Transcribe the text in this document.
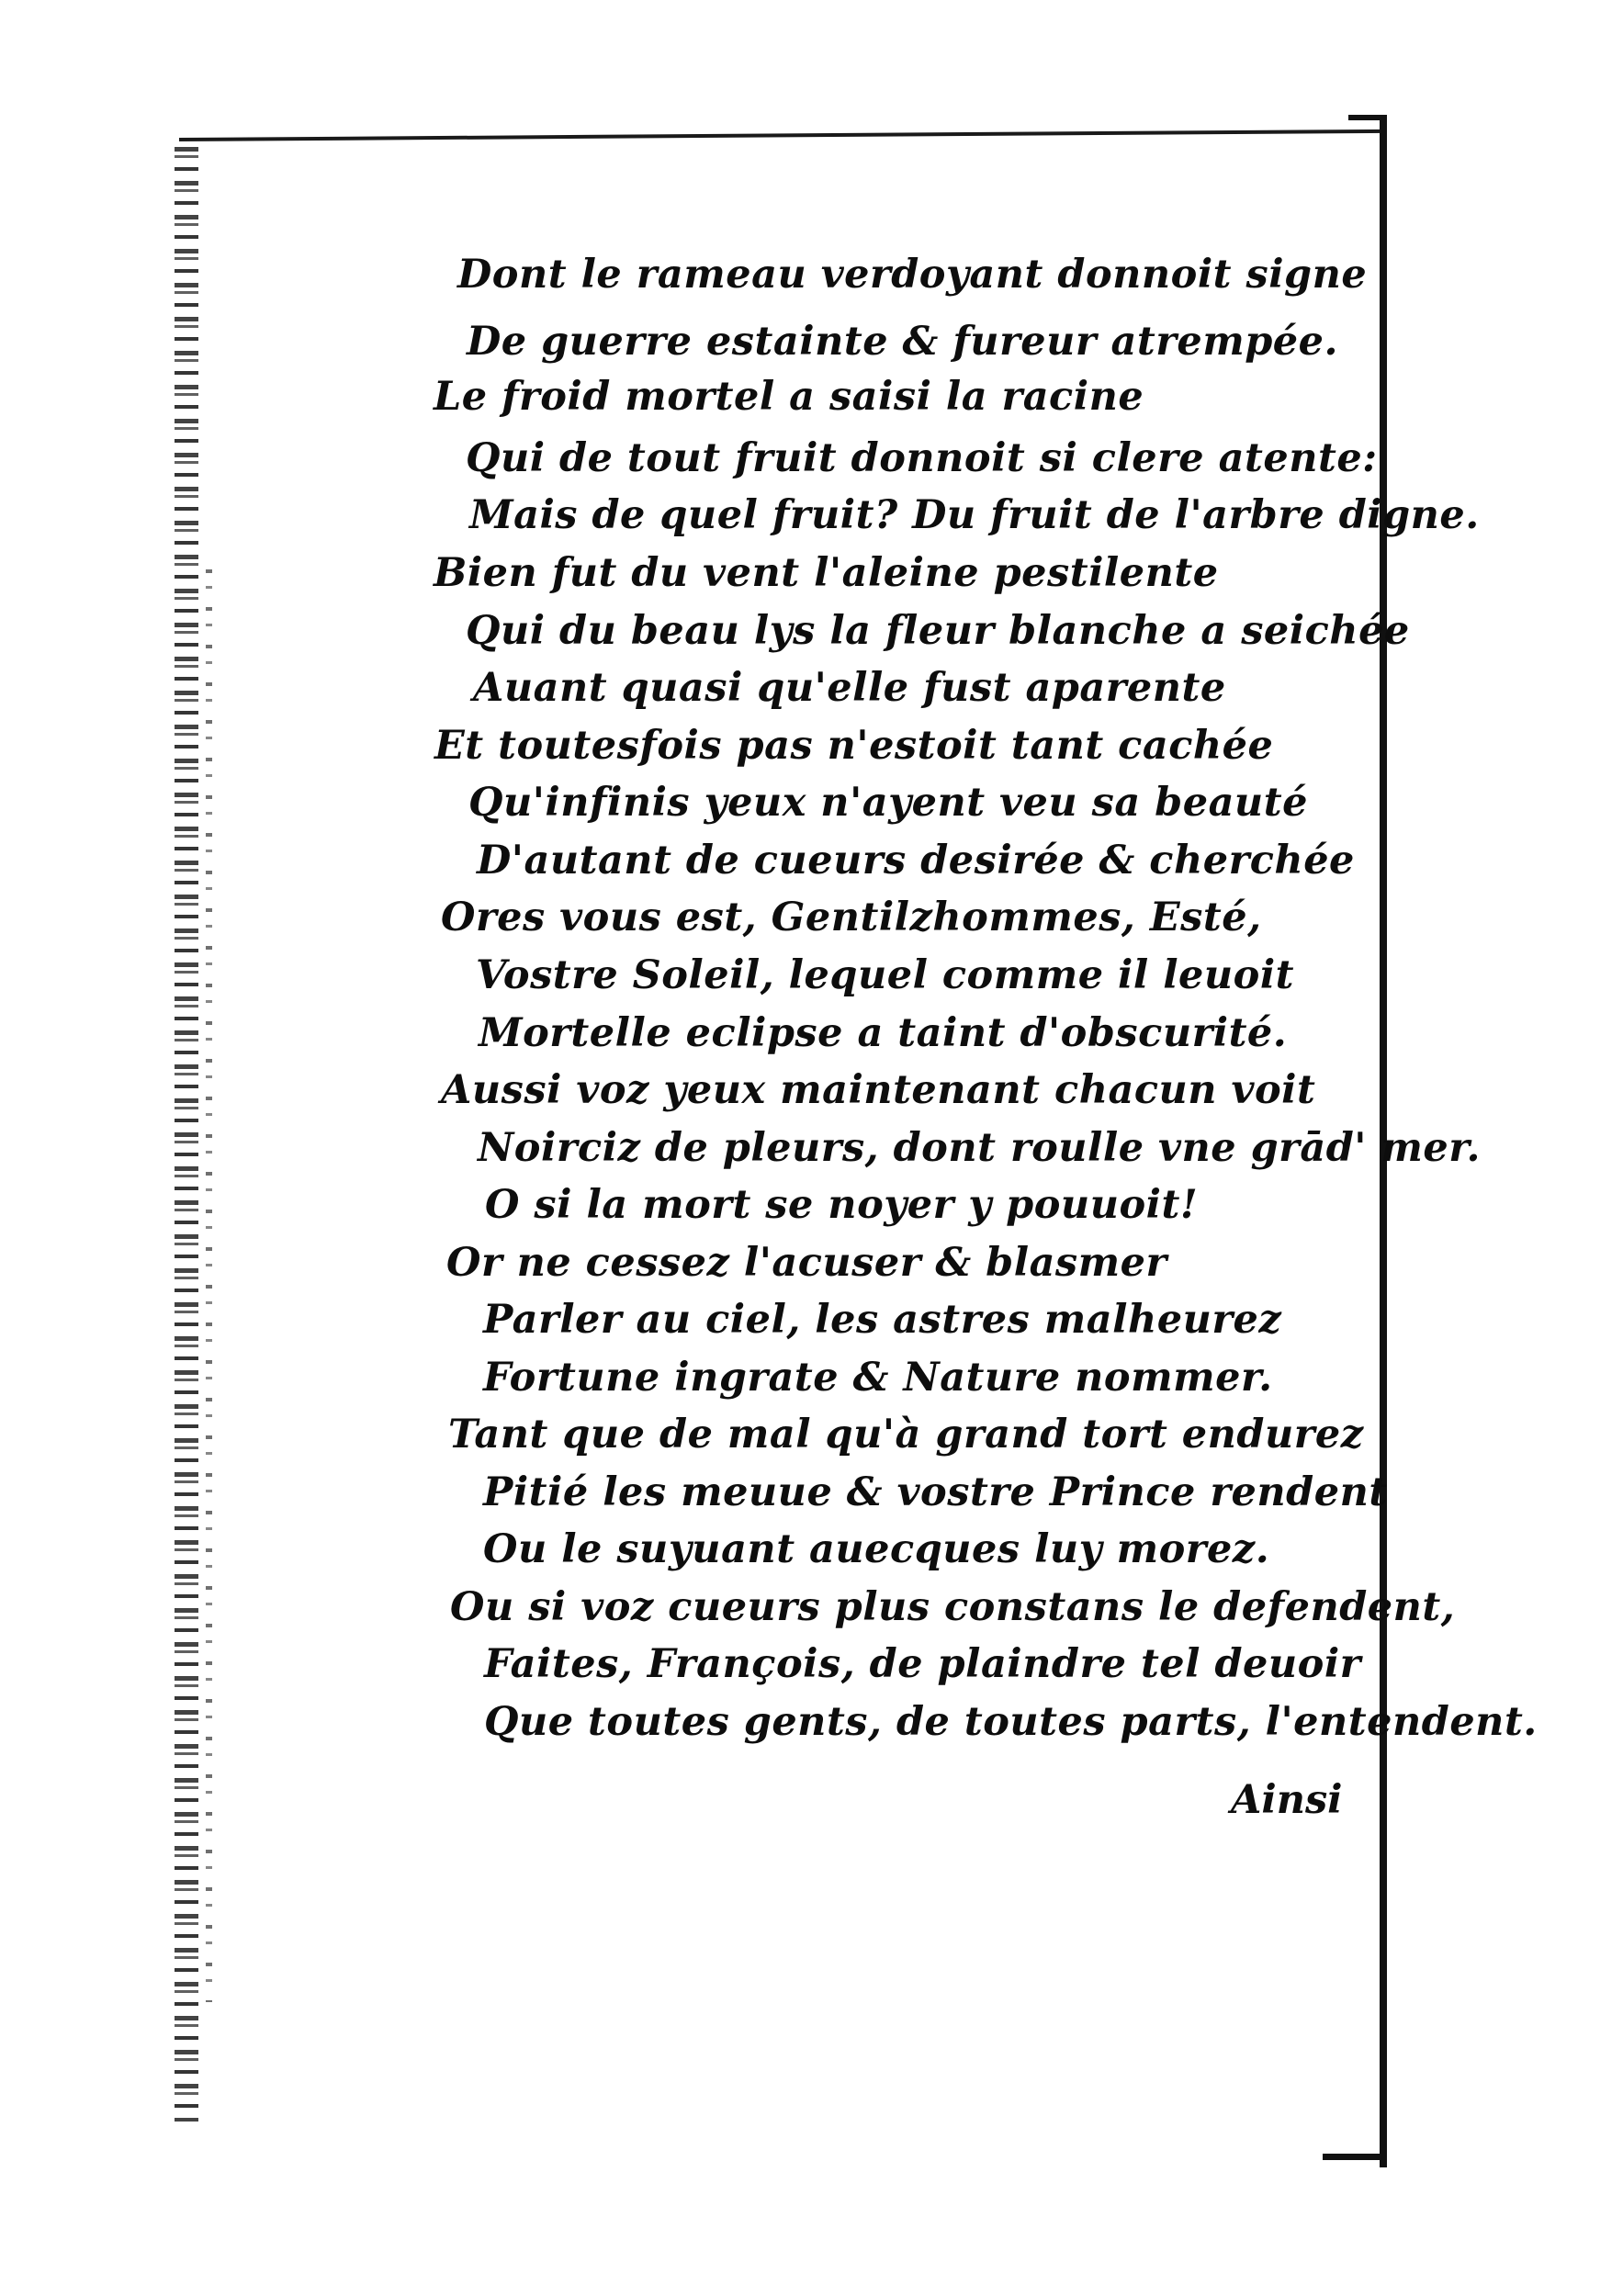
Dont le rameau verdoyant donnoit signe
De guerre estainte & fureur atrempée.
Le froid mortel a saisi la racine
Qui de tout fruit donnoit si clere atente:
Mais de quel fruit? Du fruit de l'arbre digne.
Bien fut du vent l'aleine pestilente
Qui du beau lys la fleur blanche a seichée
Auant quasi qu'elle fust aparente
Et toutesfois pas n'estoit tant cachée
Qu'infinis yeux n'ayent veu sa beauté
D'autant de cueurs desirée & cherchée
Ores vous est, Gentilzhommes, Esté,
Vostre Soleil, lequel comme il leuoit
Mortelle eclipse a taint d'obscurité.
Aussi voz yeux maintenant chacun voit
Noirciz de pleurs, dont roulle vne grād' mer.
O si la mort se noyer y pouuoit!
Or ne cessez l'acuser & blasmer
Parler au ciel, les astres malheurez
Fortune ingrate & Nature nommer.
Tant que de mal qu'à grand tort endurez
Pitié les meuue & vostre Prince rendent
Ou le suyuant auecques luy morez.
Ou si voz cueurs plus constans le defendent,
Faites, François, de plaindre tel deuoir
Que toutes gents, de toutes parts, l'entendent.
Ainsi
